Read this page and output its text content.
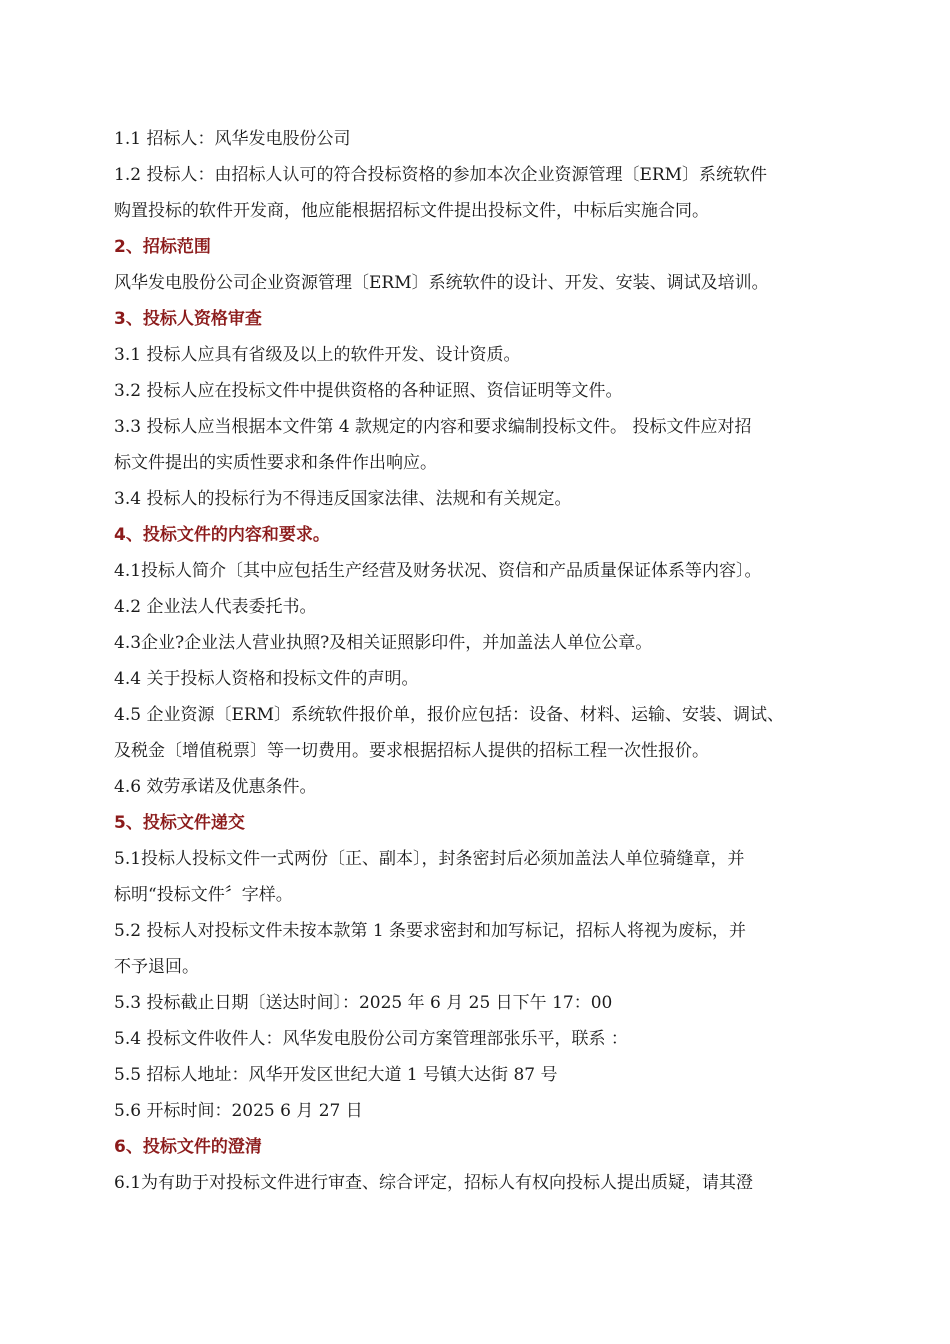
1.1 招标人：风华发电股份公司
1.2 投标人：由招标人认可的符合投标资格的参加本次企业资源管理〔ERM〕系统软件
购置投标的软件开发商，他应能根据招标文件提出投标文件，中标后实施合同。
2、招标范围
风华发电股份公司企业资源管理〔ERM〕系统软件的设计、开发、安装、调试及培训。
3、投标人资格审查
3.1 投标人应具有省级及以上的软件开发、设计资质。
3.2 投标人应在投标文件中提供资格的各种证照、资信证明等文件。
3.3 投标人应当根据本文件第 4 款规定的内容和要求编制投标文件。 投标文件应对招
标文件提出的实质性要求和条件作出响应。
3.4 投标人的投标行为不得违反国家法律、法规和有关规定。
4、投标文件的内容和要求。
4.1投标人简介〔其中应包括生产经营及财务状况、资信和产品质量保证体系等内容〕。
4.2 企业法人代表委托书。
4.3企业?企业法人营业执照?及相关证照影印件，并加盖法人单位公章。
4.4 关于投标人资格和投标文件的声明。
4.5 企业资源〔ERM〕系统软件报价单，报价应包括：设备、材料、运输、安装、调试、
及税金〔增值税票〕等一切费用。要求根据招标人提供的招标工程一次性报价。
4.6 效劳承诺及优惠条件。
5、投标文件递交
5.1投标人投标文件一式两份〔正、副本〕，封条密封后必须加盖法人单位骑缝章，并
标明“投标文件〞字样。
5.2 投标人对投标文件未按本款第 1 条要求密封和加写标记，招标人将视为废标，并
不予退回。
5.3 投标截止日期〔送达时间〕：2025 年 6 月 25 日下午 17：00
5.4 投标文件收件人：风华发电股份公司方案管理部张乐平，联系 ：
5.5 招标人地址：风华开发区世纪大道 1 号镇大达街 87 号
5.6 开标时间：2025 6 月 27 日
6、投标文件的澄清
6.1为有助于对投标文件进行审查、综合评定，招标人有权向投标人提出质疑，请其澄
